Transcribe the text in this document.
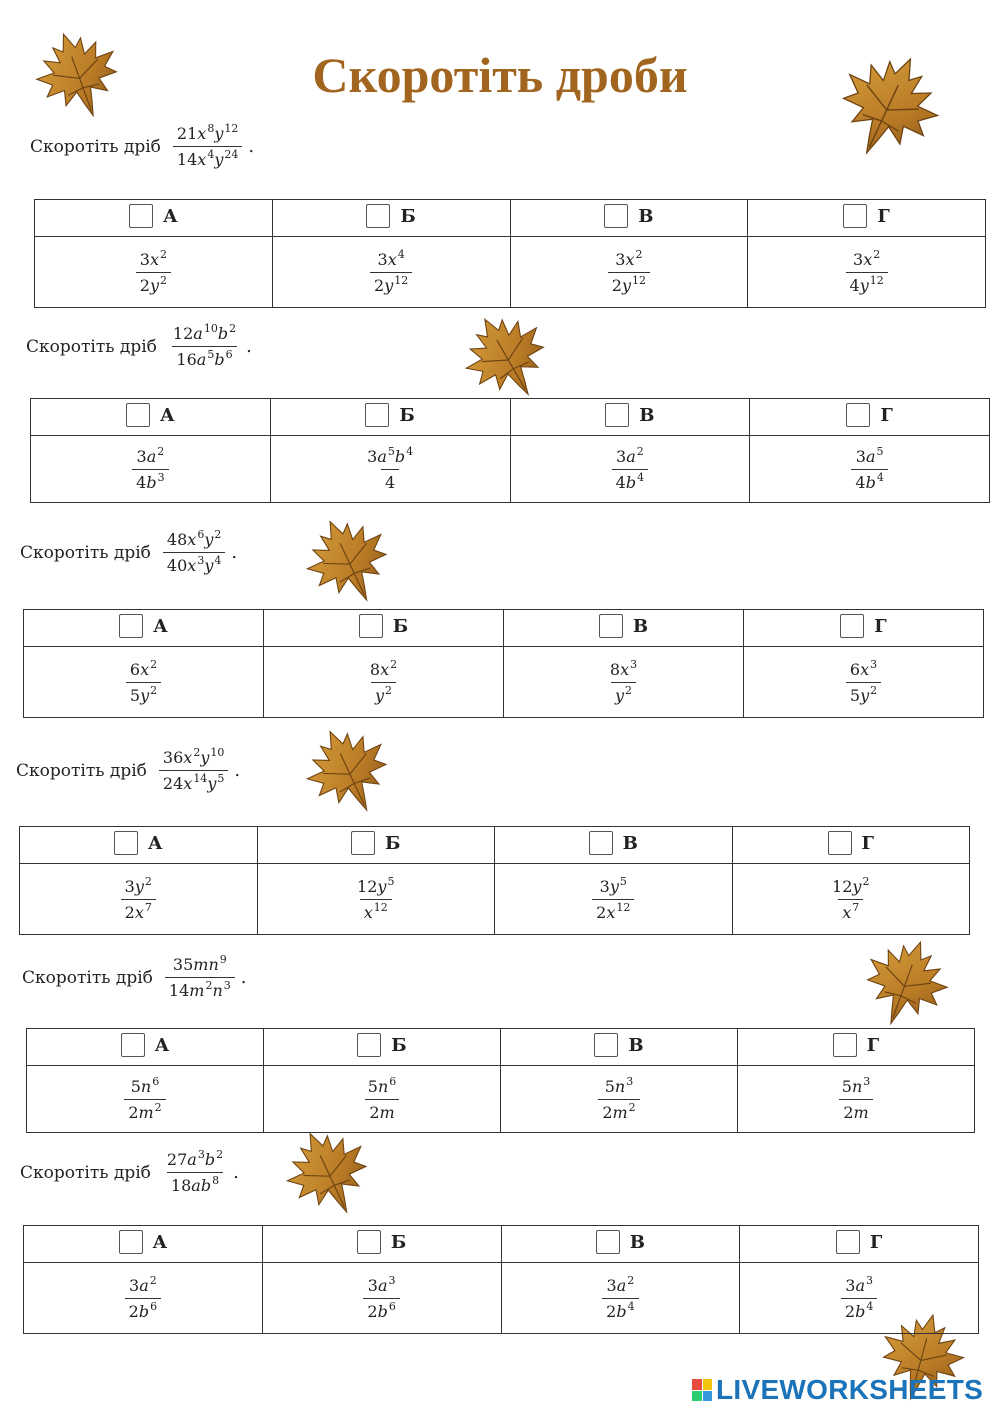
Скоротіть дроби
Скоротіть дріб $\frac{21x^8y^{12}}{14x^4y^{24}}$ .
А	Б	В	Г

$\frac{3x^2}{2y^2}$	$\frac{3x^4}{2y^{12}}$	$\frac{3x^2}{2y^{12}}$	$\frac{3x^2}{4y^{12}}$
Скоротіть дріб $\frac{12a^{10}b^2}{16a^5b^6}$ .
А	Б	В	Г

$\frac{3a^2}{4b^3}$	$\frac{3a^5b^4}{4}$	$\frac{3a^2}{4b^4}$	$\frac{3a^5}{4b^4}$
Скоротіть дріб $\frac{48x^6y^2}{40x^3y^4}$ .
А	Б	В	Г

$\frac{6x^2}{5y^2}$	$\frac{8x^2}{y^2}$	$\frac{8x^3}{y^2}$	$\frac{6x^3}{5y^2}$
Скоротіть дріб $\frac{36x^2y^{10}}{24x^{14}y^5}$ .
А	Б	В	Г

$\frac{3y^2}{2x^7}$	$\frac{12y^5}{x^{12}}$	$\frac{3y^5}{2x^{12}}$	$\frac{12y^2}{x^7}$
Скоротіть дріб $\frac{35mn^9}{14m^2n^3}$ .
А	Б	В	Г

$\frac{5n^6}{2m^2}$	$\frac{5n^6}{2m}$	$\frac{5n^3}{2m^2}$	$\frac{5n^3}{2m}$
Скоротіть дріб $\frac{27a^3b^2}{18ab^8}$ .
А	Б	В	Г

$\frac{3a^2}{2b^6}$	$\frac{3a^3}{2b^6}$	$\frac{3a^2}{2b^4}$	$\frac{3a^3}{2b^4}$
LIVEWORKSHEETS
